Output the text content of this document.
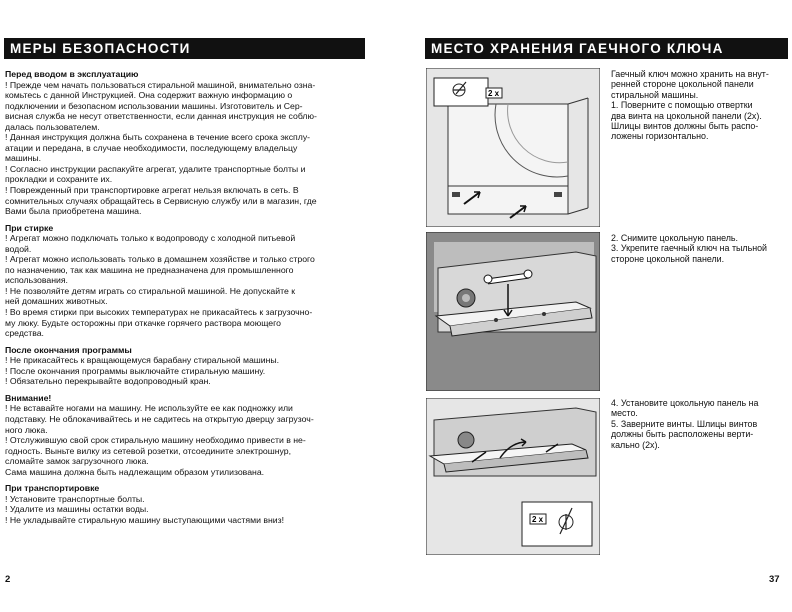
МЕРЫ БЕЗОПАСНОСТИ	МЕСТО ХРАНЕНИЯ ГАЕЧНОГО КЛЮЧА
Перед вводом в эксплуатацию
! Прежде чем начать пользоваться стиральной машиной, внимательно озна-
комьтесь с данной Инструкцией. Она содержит важную информацию о
подключении и безопасном использовании машины. Изготовитель и Сер-
висная служба не несут ответственности, если данная инструкция не соблю-
далась пользователем.
! Данная инструкция должна быть сохранена в течение всего срока эксплу-
атации и передана, в случае необходимости, последующему владельцу
машины.
! Согласно инструкции распакуйте агрегат, удалите транспортные болты и
прокладки и сохраните их.
! Поврежденный при транспортировке агрегат нельзя включать в сеть. В
сомнительных случаях обращайтесь в Сервисную службу или в магазин, где
Вами была приобретена машина.
При стирке
! Агрегат можно подключать только к водопроводу с холодной питьевой
водой.
! Агрегат можно использовать только в домашнем хозяйстве и только строго
по назначению, так как машина не предназначена для промышленного
использования.
! Не позволяйте детям играть со стиральной машиной. Не допускайте к
ней домашних животных.
! Во время стирки при высоких температурах не прикасайтесь к загрузочно-
му люку. Будьте осторожны при откачке горячего раствора моющего
средства.
После окончания программы
! Не прикасайтесь к вращающемуся барабану стиральной машины.
! После окончания программы выключайте стиральную машину.
! Обязательно перекрывайте водопроводный кран.
Внимание!
! Не вставайте ногами на машину. Не используйте ее как подножку или
подставку. Не облокачивайтесь и не садитесь на открытую дверцу загрузоч-
ного люка.
! Отслужившую свой срок стиральную машину необходимо привести в не-
годность. Выньте вилку из сетевой розетки, отсоедините электрошнур,
сломайте замок загрузочного люка.
Сама машина должна быть надлежащим образом утилизована.
При транспортировке
! Установите транспортные болты.
! Удалите из машины остатки воды.
! Не укладывайте стиральную машину выступающими частями вниз!
2 x
2 x
Гаечный ключ можно хранить на внут-
ренней стороне цокольной панели
стиральной машины.
1. Поверните с помощью отвертки
два винта на цокольной панели (2x).
Шлицы винтов должны быть распо-
ложены горизонтально.
2. Снимите цокольную панель.
3. Укрепите гаечный ключ на тыльной
стороне цокольной панели.
4. Установите цокольную панель на
место.
5. Заверните винты. Шлицы винтов
должны быть расположены верти-
кально (2x).
2	37
